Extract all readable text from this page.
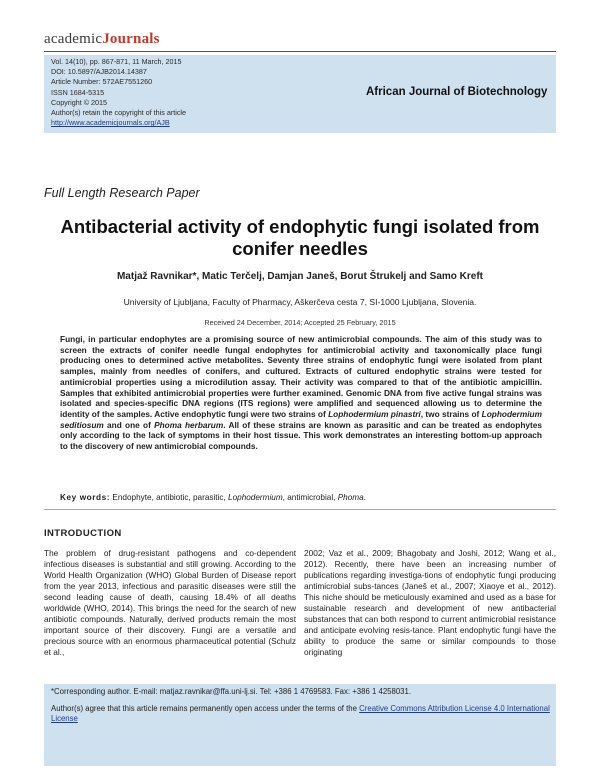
academicJournals
Vol. 14(10), pp. 867-871, 11 March, 2015
DOI: 10.5897/AJB2014.14387
Article Number: 572AE7551260
ISSN 1684-5315
Copyright © 2015
Author(s) retain the copyright of this article
http://www.academicjournals.org/AJB
African Journal of Biotechnology
Full Length Research Paper
Antibacterial activity of endophytic fungi isolated from conifer needles
Matjaž Ravnikar*, Matic Terčelj, Damjan Janeš, Borut Štrukelj and Samo Kreft
University of Ljubljana, Faculty of Pharmacy, Aškerčeva cesta 7, SI-1000 Ljubljana, Slovenia.
Received 24 December, 2014; Accepted 25 February, 2015
Fungi, in particular endophytes are a promising source of new antimicrobial compounds. The aim of this study was to screen the extracts of conifer needle fungal endophytes for antimicrobial activity and taxonomically place fungi producing ones to determined active metabolites. Seventy three strains of endophytic fungi were isolated from plant samples, mainly from needles of conifers, and cultured. Extracts of cultured endophytic strains were tested for antimicrobial properties using a microdilution assay. Their activity was compared to that of the antibiotic ampicillin. Samples that exhibited antimicrobial properties were further examined. Genomic DNA from five active fungal strains was isolated and species-specific DNA regions (ITS regions) were amplified and sequenced allowing us to determine the identity of the samples. Active endophytic fungi were two strains of Lophodermium pinastri, two strains of Lophodermium seditiosum and one of Phoma herbarum. All of these strains are known as parasitic and can be treated as endophytes only according to the lack of symptoms in their host tissue. This work demonstrates an interesting bottom-up approach to the discovery of new antimicrobial compounds.
Key words: Endophyte, antibiotic, parasitic, Lophodermium, antimicrobial, Phoma.
INTRODUCTION
The problem of drug-resistant pathogens and co-dependent infectious diseases is substantial and still growing. According to the World Health Organization (WHO) Global Burden of Disease report from the year 2013, infectious and parasitic diseases were still the second leading cause of death, causing 18.4% of all deaths worldwide (WHO, 2014). This brings the need for the search of new antibiotic compounds. Naturally, derived products remain the most important source of their discovery. Fungi are a versatile and precious source with an enormous pharmaceutical potential (Schulz et al.,
2002; Vaz et al., 2009; Bhagobaty and Joshi, 2012; Wang et al., 2012). Recently, there have been an increasing number of publications regarding investiga-tions of endophytic fungi producing antimicrobial subs-tances (Janeš et al., 2007; Xiaoye et al., 2012). This niche should be meticulously examined and used as a base for sustainable research and development of new antibacterial substances that can both respond to current antimicrobial resistance and anticipate evolving resis-tance. Plant endophytic fungi have the ability to produce the same or similar compounds to those originating
*Corresponding author. E-mail: matjaz.ravnikar@ffa.uni-lj.si. Tel: +386 1 4769583. Fax: +386 1 4258031.
Author(s) agree that this article remains permanently open access under the terms of the Creative Commons Attribution License 4.0 International License
